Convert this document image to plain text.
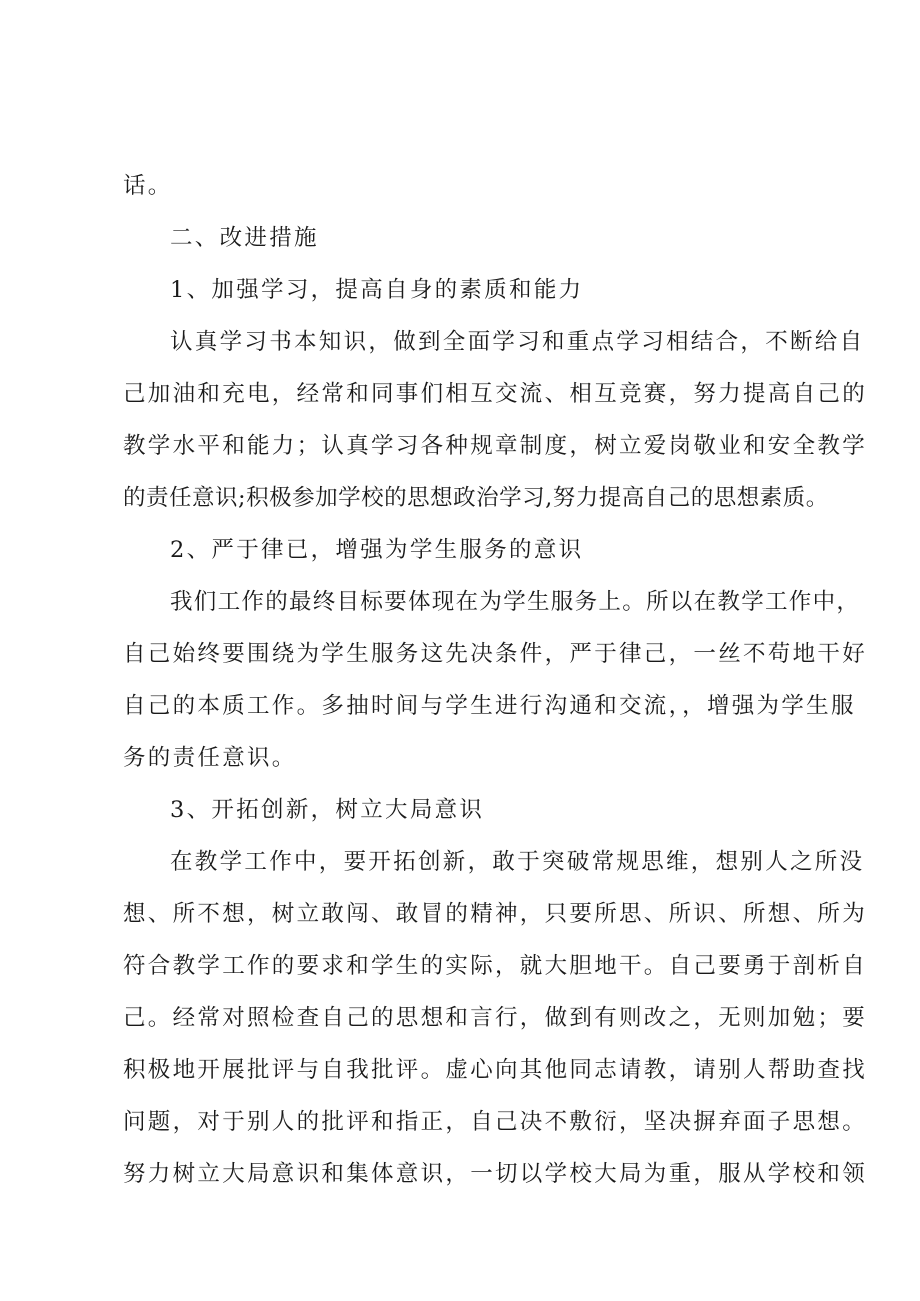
话。
二、改进措施
1、加强学习，提高自身的素质和能力
认真学习书本知识，做到全面学习和重点学习相结合，不断给自
己加油和充电，经常和同事们相互交流、相互竞赛，努力提高自己的
教学水平和能力；认真学习各种规章制度，树立爱岗敬业和安全教学
的责任意识;积极参加学校的思想政治学习,努力提高自己的思想素质。
2、严于律已，增强为学生服务的意识
我们工作的最终目标要体现在为学生服务上。所以在教学工作中，
自己始终要围绕为学生服务这先决条件，严于律己，一丝不苟地干好
自己的本质工作。多抽时间与学生进行沟通和交流，，增强为学生服
务的责任意识。
3、开拓创新，树立大局意识
在教学工作中，要开拓创新，敢于突破常规思维，想别人之所没
想、所不想，树立敢闯、敢冒的精神，只要所思、所识、所想、所为
符合教学工作的要求和学生的实际，就大胆地干。自己要勇于剖析自
己。经常对照检查自己的思想和言行，做到有则改之，无则加勉；要
积极地开展批评与自我批评。虚心向其他同志请教，请别人帮助查找
问题，对于别人的批评和指正，自己决不敷衍，坚决摒弃面子思想。
努力树立大局意识和集体意识，一切以学校大局为重，服从学校和领
